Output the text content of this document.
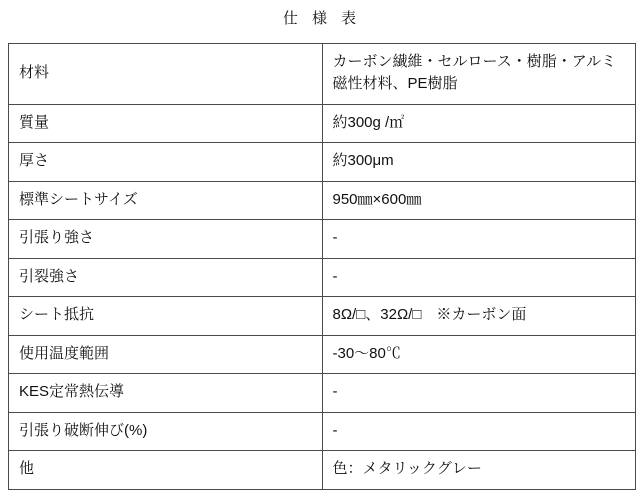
仕 様 表	
材料	カーボン繊維・セルロース・樹脂・アルミ
磁性材料、PE樹脂

質量	約300g /㎡
厚さ	約300μm
標準シートサイズ	950㎜×600㎜
引張り強さ	-
引裂強さ	-
シート抵抗	8Ω/□、32Ω/□　※カーボン面
使用温度範囲	-30〜80℃
KES定常熱伝導	-
引張り破断伸び(%)	-
他	色：メタリックグレー
